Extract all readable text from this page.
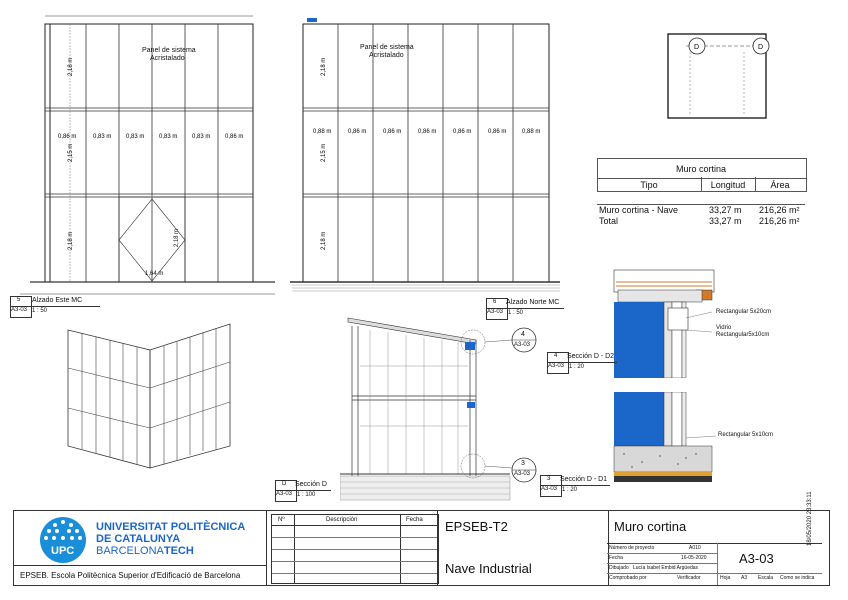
0,86 m	0,83 m 0,83 m 0,83 m 0,83 m 0,86 m
2,18 m
2,15 m
2,18 m
Panel de sistema
Acristalado
2,18 m
1,64 m
5
A3-03
Alzado Este MC
1 : 50
0,88 m	0,86 m	0,86 m	0,86 m	0,86 m	0,86 m	0,88 m
2,18 m
2,15 m
2,18 m
Panel de sistema
Acristalado
6
A3-03
Alzado Norte MC
1 : 50
D	D
Muro cortina
Tipo	Longitud	Área
Muro cortina - Nave	33,27 m 216,26 m²
Total	33,27 m 216,26 m²
4
A3-03
3
A3-03
D
A3-03
Sección D
1 : 100
Rectangular 5x20cm
Vidrio
Rectangular5x10cm
4
A3-03
Sección D - D2
1 : 20
Rectangular 5x10cm
3
A3-03
Sección D - D1
1 : 20
UPC
UNIVERSITAT POLITÈCNICA
DE CATALUNYA
BARCELONATECH
EPSEB. Escola Politècnica Superior d'Edificació de Barcelona
Nº	Descripción	Fecha EPSEB-T2
Nave Industrial
Muro cortina
Número de proyecto	A010
Fecha	16-05-2020
Dibujado Lucía Isabel Embid Argüedas
A3-03
Comprobado por	Verificador	Hoja A3 Escala Como se indica
18/05/2020 23:33:11
